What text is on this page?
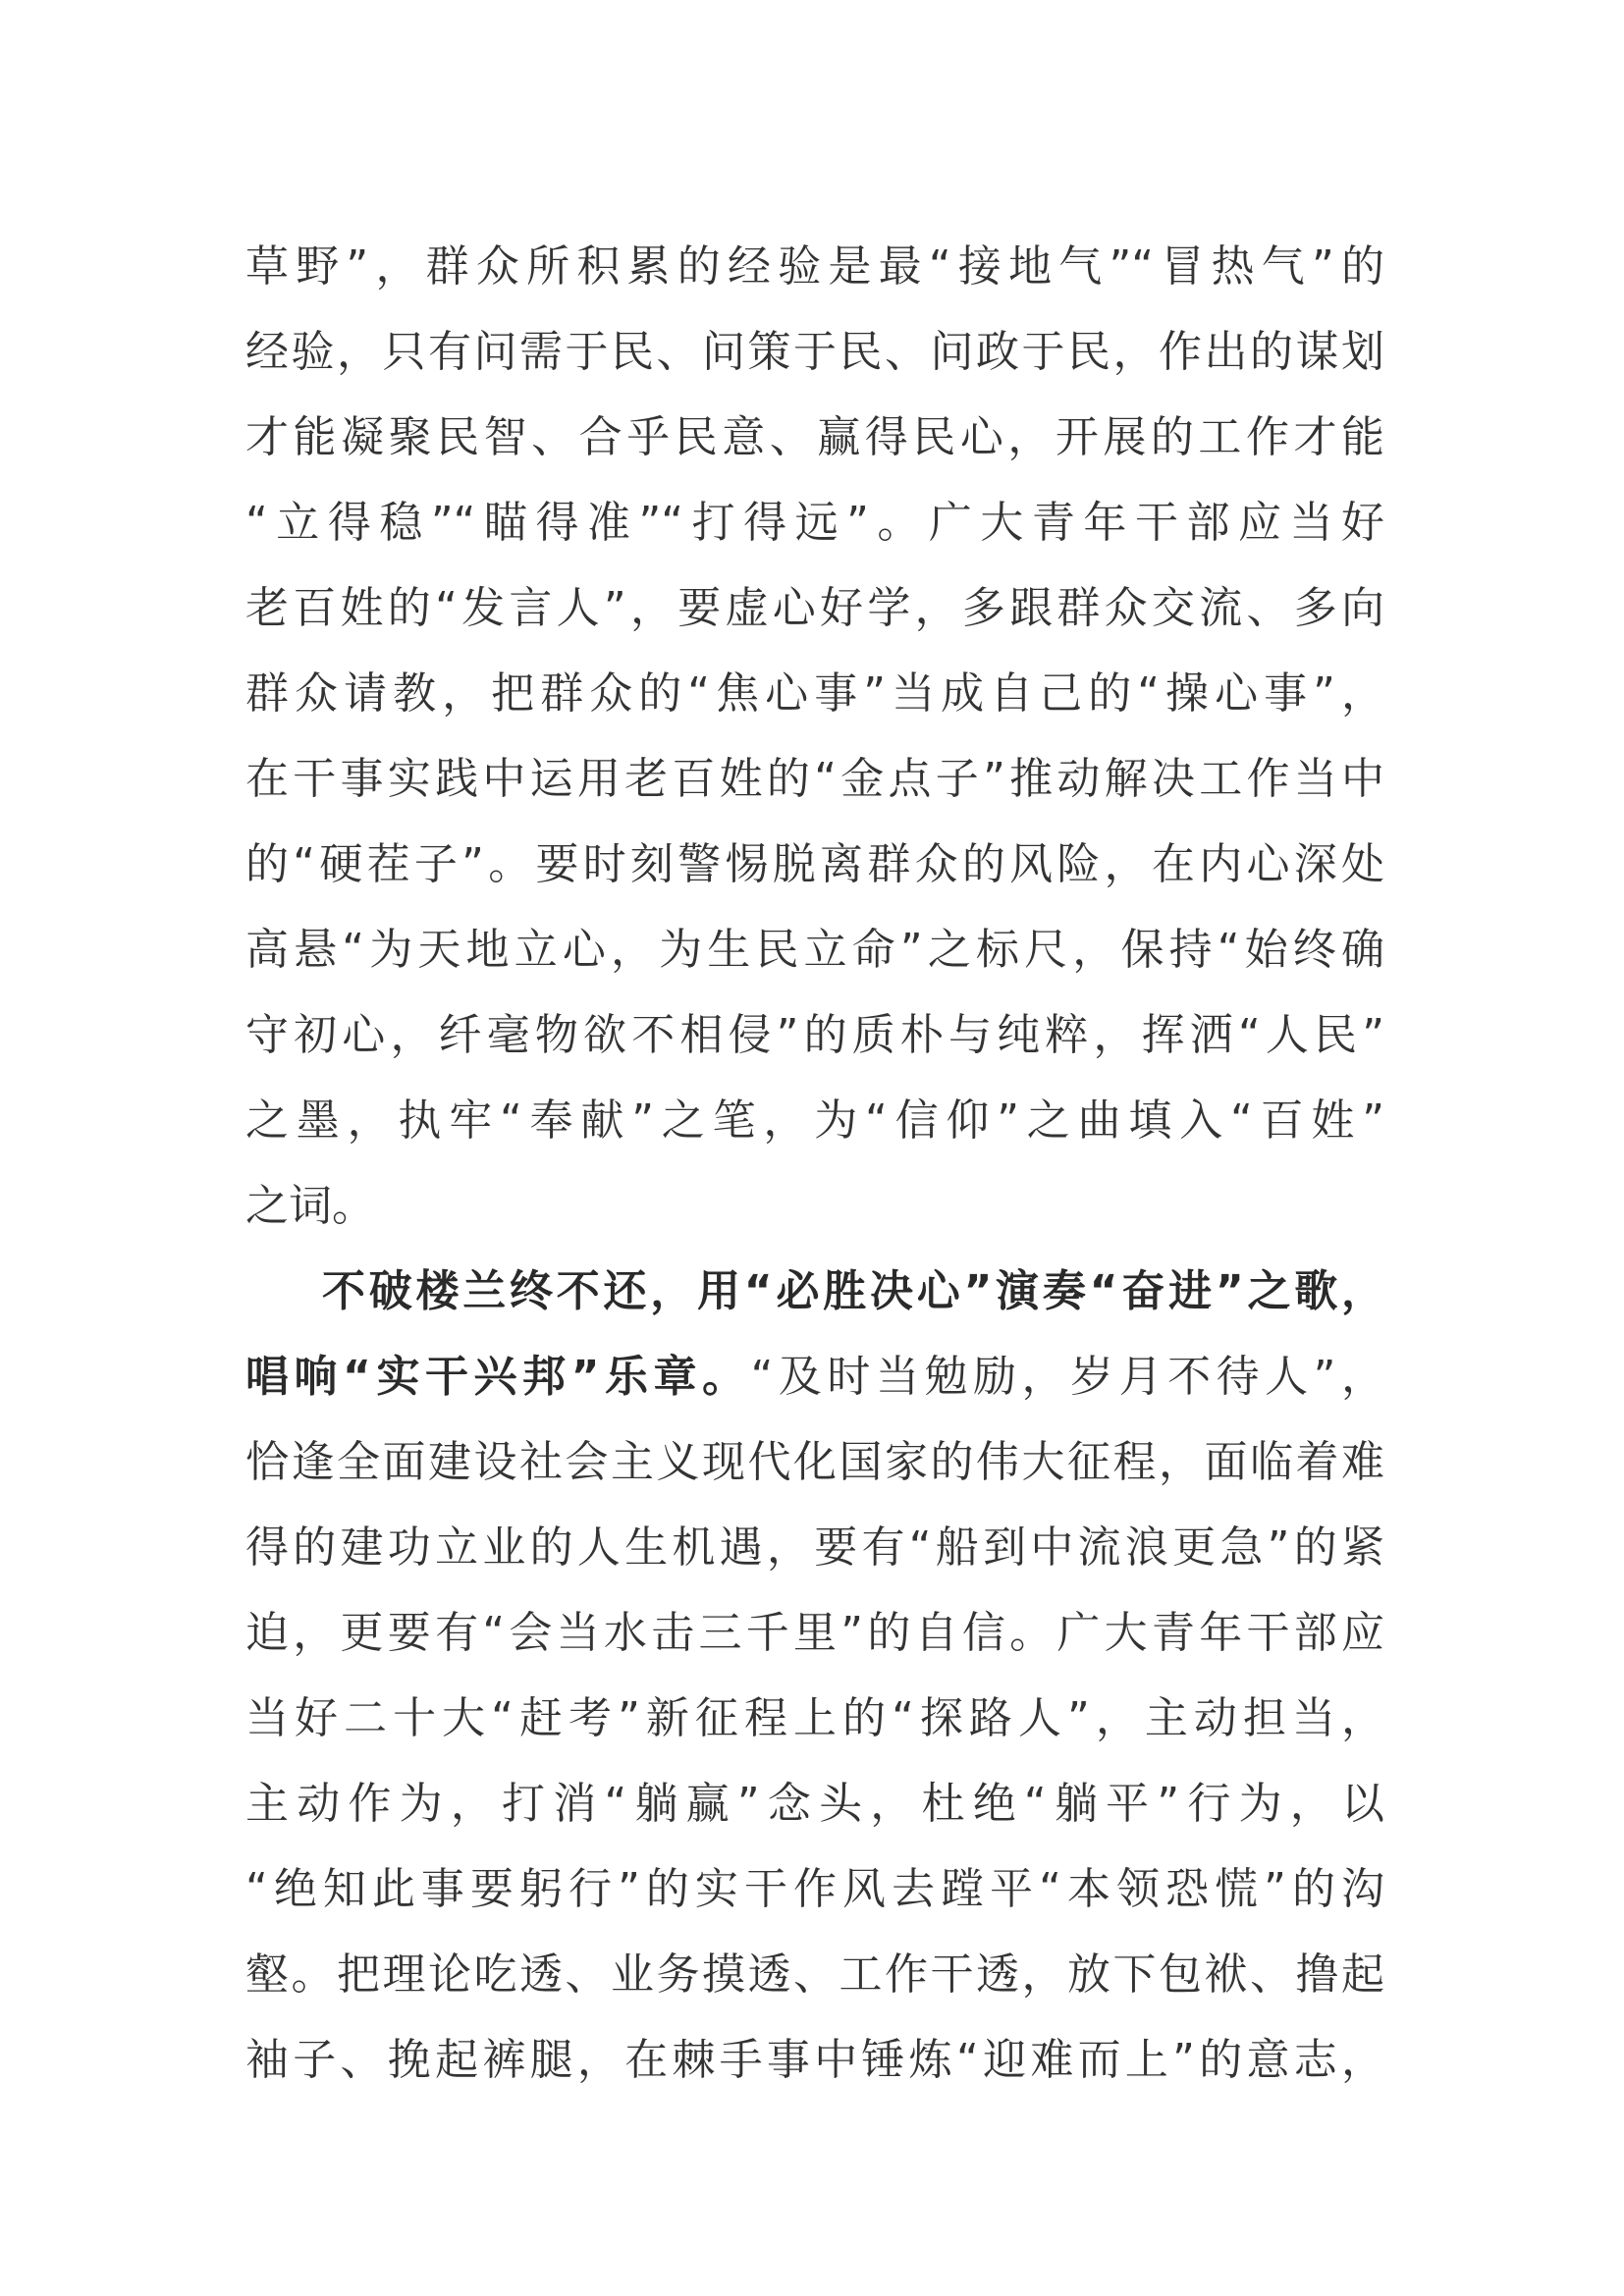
草野”，群众所积累的经验是最“接地气”“冒热气”的
经验，只有问需于民、问策于民、问政于民，作出的谋划
才能凝聚民智、合乎民意、赢得民心，开展的工作才能
“立得稳”“瞄得准”“打得远”。广大青年干部应当好
老百姓的“发言人”，要虚心好学，多跟群众交流、多向
群众请教，把群众的“焦心事”当成自己的“操心事”，
在干事实践中运用老百姓的“金点子”推动解决工作当中
的“硬茬子”。要时刻警惕脱离群众的风险，在内心深处
高悬“为天地立心，为生民立命”之标尺，保持“始终确
守初心，纤毫物欲不相侵”的质朴与纯粹，挥洒“人民”
之墨，执牢“奉献”之笔，为“信仰”之曲填入“百姓”
之词。
不破楼兰终不还，用“必胜决心”演奏“奋进”之歌，
唱响“实干兴邦”乐章。“及时当勉励，岁月不待人”，
恰逢全面建设社会主义现代化国家的伟大征程，面临着难
得的建功立业的人生机遇，要有“船到中流浪更急”的紧
迫，更要有“会当水击三千里”的自信。广大青年干部应
当好二十大“赶考”新征程上的“探路人”，主动担当，
主动作为，打消“躺赢”念头，杜绝“躺平”行为，以
“绝知此事要躬行”的实干作风去蹚平“本领恐慌”的沟
壑。把理论吃透、业务摸透、工作干透，放下包袱、撸起
袖子、挽起裤腿，在棘手事中锤炼“迎难而上”的意志，
